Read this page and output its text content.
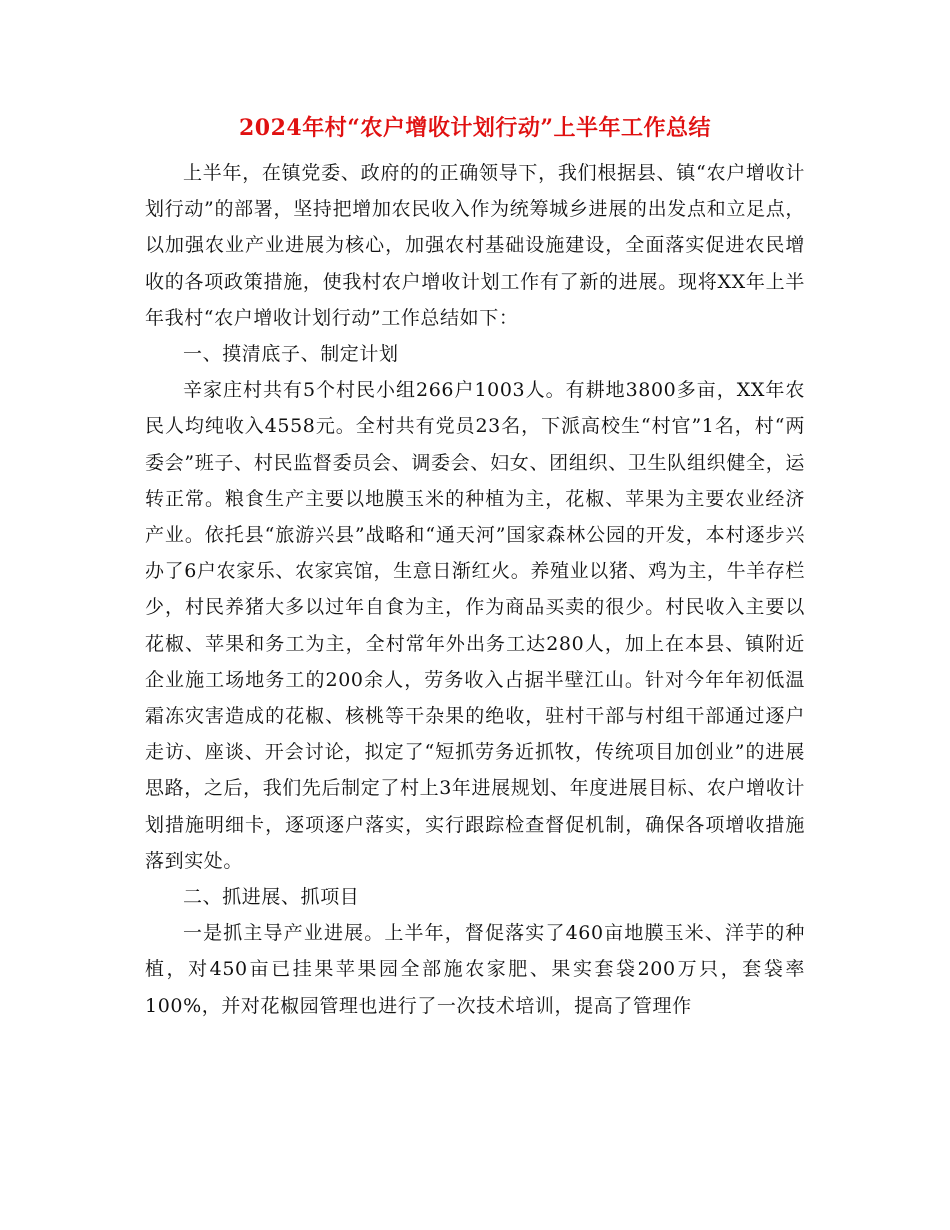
2024年村“农户增收计划行动”上半年工作总结

上半年，在镇党委、政府的的正确领导下，我们根据县、镇“农户增收计划行动”的部署，坚持把增加农民收入作为统筹城乡进展的出发点和立足点，以加强农业产业进展为核心，加强农村基础设施建设，全面落实促进农民增收的各项政策措施，使我村农户增收计划工作有了新的进展。现将XX年上半年我村“农户增收计划行动”工作总结如下：

一、摸清底子、制定计划

辛家庄村共有5个村民小组266户1003人。有耕地3800多亩，XX年农民人均纯收入4558元。全村共有党员23名，下派高校生“村官”1名，村“两委会”班子、村民监督委员会、调委会、妇女、团组织、卫生队组织健全，运转正常。粮食生产主要以地膜玉米的种植为主，花椒、苹果为主要农业经济产业。依托县“旅游兴县”战略和“通天河”国家森林公园的开发，本村逐步兴办了6户农家乐、农家宾馆，生意日渐红火。养殖业以猪、鸡为主，牛羊存栏少，村民养猪大多以过年自食为主，作为商品买卖的很少。村民收入主要以花椒、苹果和务工为主，全村常年外出务工达280人，加上在本县、镇附近企业施工场地务工的200余人，劳务收入占据半壁江山。针对今年年初低温霜冻灾害造成的花椒、核桃等干杂果的绝收，驻村干部与村组干部通过逐户走访、座谈、开会讨论，拟定了“短抓劳务近抓牧，传统项目加创业”的进展思路，之后，我们先后制定了村上3年进展规划、年度进展目标、农户增收计划措施明细卡，逐项逐户落实，实行跟踪检查督促机制，确保各项增收措施落到实处。

二、抓进展、抓项目

一是抓主导产业进展。上半年，督促落实了460亩地膜玉米、洋芋的种植，对450亩已挂果苹果园全部施农家肥、果实套袋200万只，套袋率100%，并对花椒园管理也进行了一次技术培训，提高了管理作
